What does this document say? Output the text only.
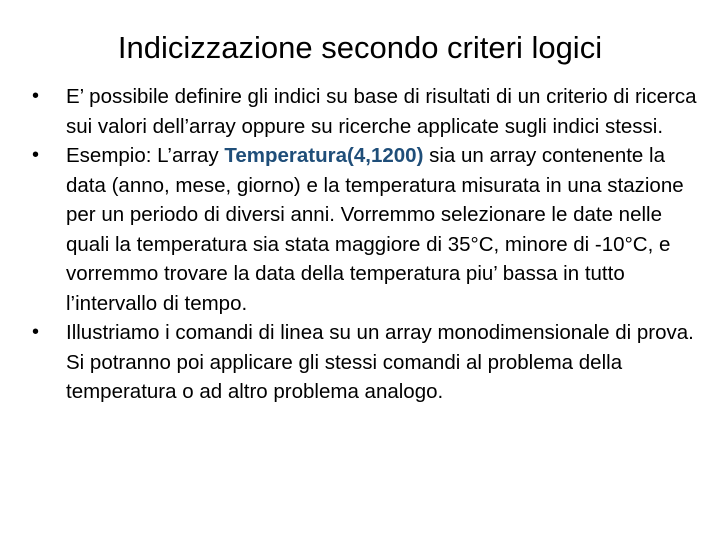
Indicizzazione secondo criteri logici
• E’ possibile definire gli indici su base di risultati di un criterio di ricerca sui valori dell’array oppure su ricerche applicate sugli indici stessi.
• Esempio: L’array Temperatura(4,1200) sia un array contenente la data (anno, mese, giorno) e la temperatura misurata in una stazione per un periodo di diversi anni. Vorremmo selezionare le date nelle quali la temperatura sia stata maggiore di 35°C, minore di -10°C, e vorremmo trovare la data della temperatura piu’ bassa in tutto l’intervallo di tempo.
• Illustriamo i comandi di linea su un array monodimensionale di prova. Si potranno poi applicare gli stessi comandi al problema della temperatura o ad altro problema analogo.
